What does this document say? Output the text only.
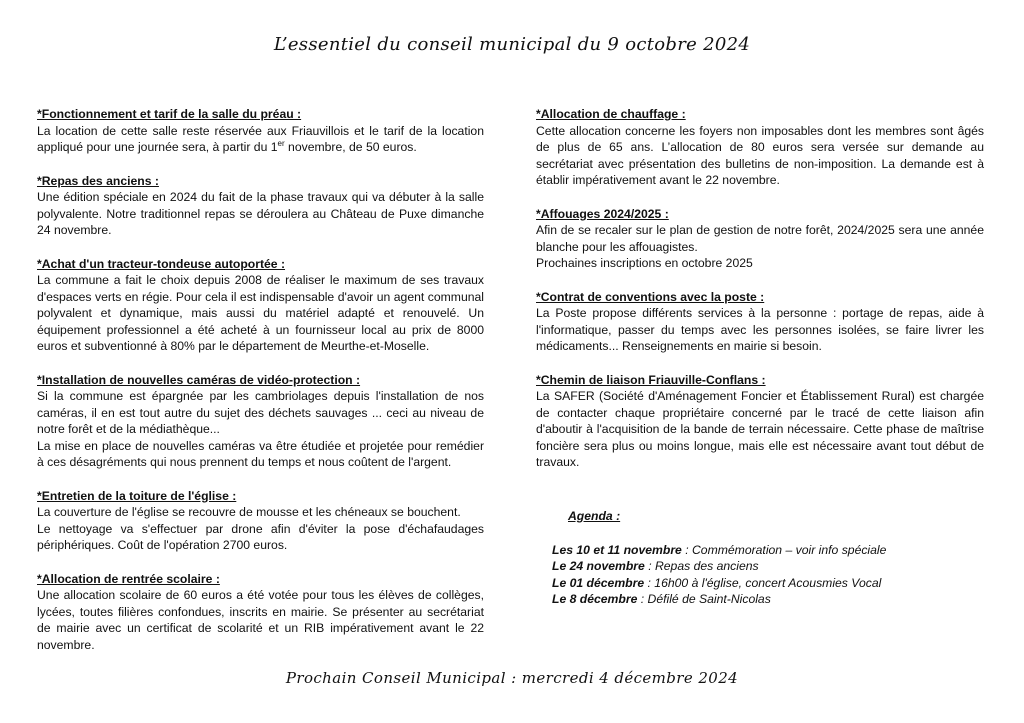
L’essentiel du conseil municipal du 9 octobre 2024
*Fonctionnement et tarif de la salle du préau :

La location de cette salle reste réservée aux Friauvillois et le tarif de la location appliqué pour une journée sera, à partir du 1er novembre, de 50 euros.

*Repas des anciens :

Une édition spéciale en 2024 du fait de la phase travaux qui va débuter à la salle polyvalente. Notre traditionnel repas se déroulera au Château de Puxe dimanche 24 novembre.

*Achat d'un tracteur-tondeuse autoportée :

La commune a fait le choix depuis 2008 de réaliser le maximum de ses travaux d'espaces verts en régie. Pour cela il est indispensable d'avoir un agent communal polyvalent et dynamique, mais aussi du matériel adapté et renouvelé. Un équipement professionnel a été acheté à un fournisseur local au prix de 8000 euros et subventionné à 80% par le département de Meurthe-et-Moselle.

*Installation de nouvelles caméras de vidéo-protection :

Si la commune est épargnée par les cambriolages depuis l'installation de nos caméras, il en est tout autre du sujet des déchets sauvages ... ceci au niveau de notre forêt et de la médiathèque...

La mise en place de nouvelles caméras va être étudiée et projetée pour remédier à ces désagréments qui nous prennent du temps et nous coûtent de l'argent.

*Entretien de la toiture de l'église :

La couverture de l'église se recouvre de mousse et les chéneaux se bouchent.

Le nettoyage va s'effectuer par drone afin d'éviter la pose d'échafaudages périphériques. Coût de l'opération 2700 euros.

*Allocation de rentrée scolaire :

Une allocation scolaire de 60 euros a été votée pour tous les élèves de collèges, lycées, toutes filières confondues, inscrits en mairie. Se présenter au secrétariat de mairie avec un certificat de scolarité et un RIB impérativement avant le 22 novembre.

*Allocation de chauffage :

Cette allocation concerne les foyers non imposables dont les membres sont âgés de plus de 65 ans. L’allocation de 80 euros sera versée sur demande au secrétariat avec présentation des bulletins de non-imposition. La demande est à établir impérativement avant le 22 novembre.

*Affouages 2024/2025 :

Afin de se recaler sur le plan de gestion de notre forêt, 2024/2025 sera une année blanche pour les affouagistes.

Prochaines inscriptions en octobre 2025

*Contrat de conventions avec la poste :

La Poste propose différents services à la personne : portage de repas, aide à l'informatique, passer du temps avec les personnes isolées, se faire livrer les médicaments... Renseignements en mairie si besoin.

*Chemin de liaison Friauville-Conflans :

La SAFER (Société d'Aménagement Foncier et Établissement Rural) est chargée de contacter chaque propriétaire concerné par le tracé de cette liaison afin d'aboutir à l'acquisition de la bande de terrain nécessaire. Cette phase de maîtrise foncière sera plus ou moins longue, mais elle est nécessaire avant tout début de travaux.

Agenda :
Les 10 et 11 novembre : Commémoration – voir info spéciale
Le 24 novembre : Repas des anciens
Le 01 décembre : 16h00 à l'église, concert Acousmies Vocal
Le 8 décembre : Défilé de Saint-Nicolas
Prochain Conseil Municipal : mercredi 4 décembre 2024
